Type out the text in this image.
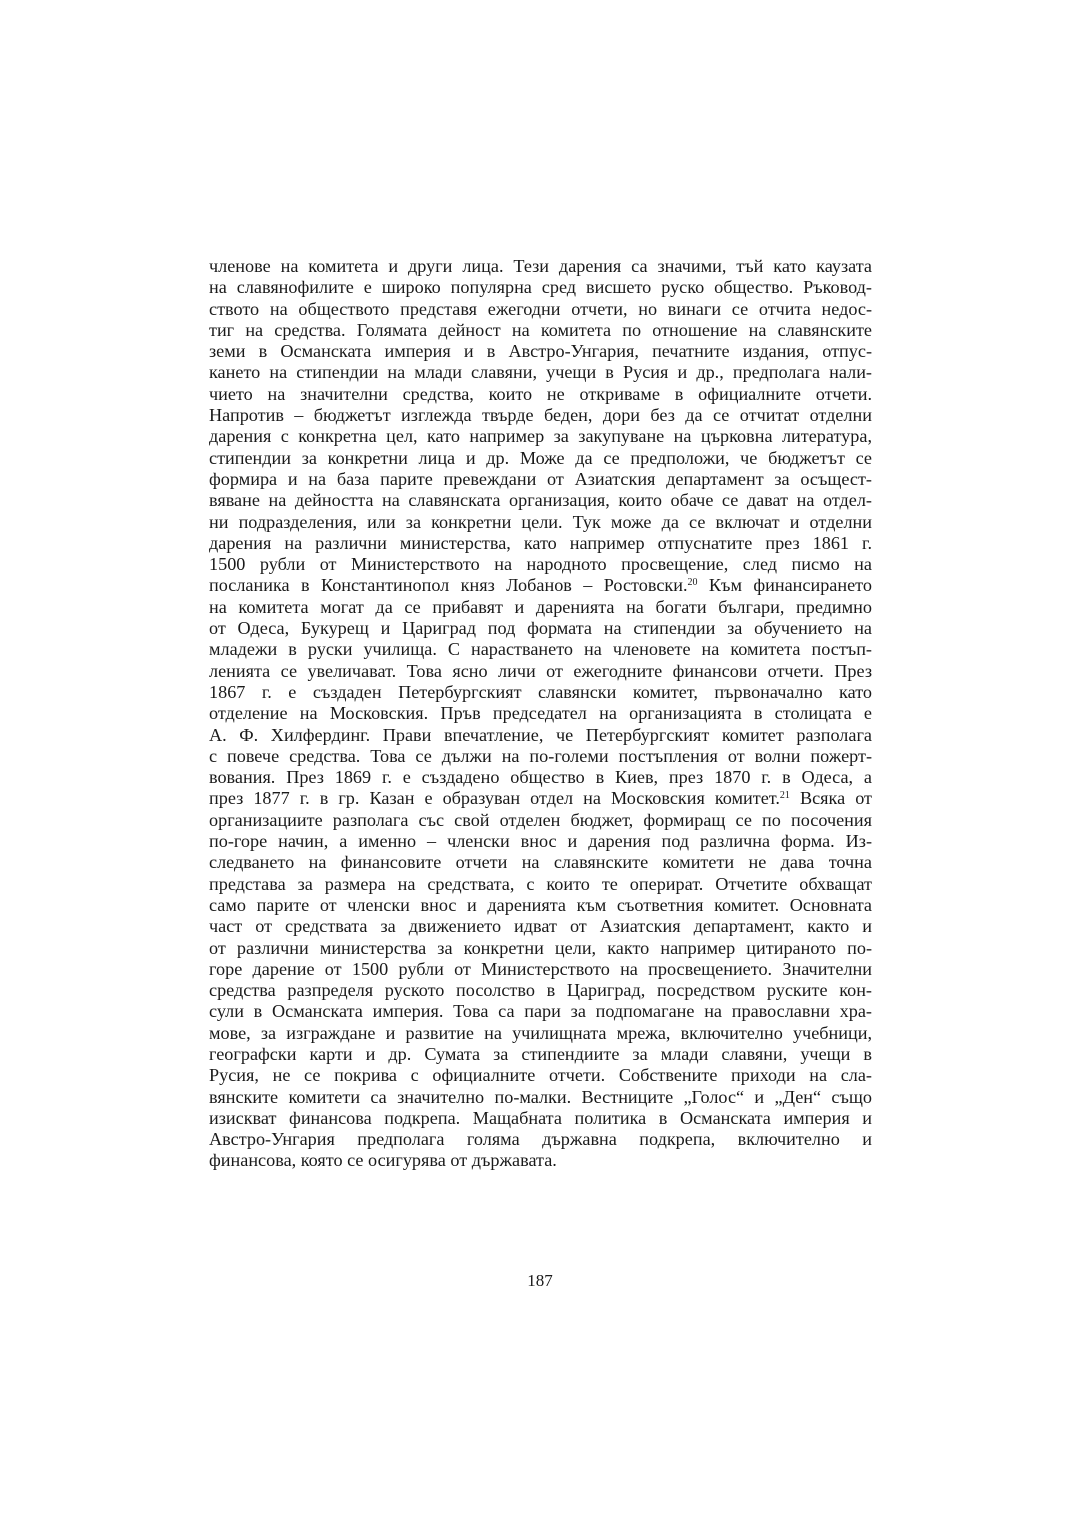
членове на комитета и други лица. Тези дарения са значими, тъй като каузата
на славянофилите е широко популярна сред висшето руско общество. Ръковод-
ството на обществото представя ежегодни отчети, но винаги се отчита недос-
тиг на средства. Голямата дейност на комитета по отношение на славянските
земи в Османската империя и в Австро-Унгария, печатните издания, отпус-
кането на стипендии на млади славяни, учещи в Русия и др., предполага нали-
чието на значителни средства, които не откриваме в официалните отчети.
Напротив – бюджетът изглежда твърде беден, дори без да се отчитат отделни
дарения с конкретна цел, като например за закупуване на църковна литература,
стипендии за конкретни лица и др. Може да се предположи, че бюджетът се
формира и на база парите превеждани от Азиатския департамент за осъщест-
вяване на дейността на славянската организация, които обаче се дават на отдел-
ни подразделения, или за конкретни цели. Тук може да се включат и отделни
дарения на различни министерства, като например отпуснатите през 1861 г.
1500 рубли от Министерството на народното просвещение, след писмо на
посланика в Константинопол княз Лобанов – Ростовски.$^{20}$ Към финансирането
на комитета могат да се прибавят и даренията на богати българи, предимно
от Одеса, Букурещ и Цариград под формата на стипендии за обучението на
младежи в руски училища. С нарастването на членовете на комитета постъп-
ленията се увеличават. Това ясно личи от ежегодните финансови отчети. През
1867 г. е създаден Петербургският славянски комитет, първоначално като
отделение на Московския. Пръв председател на организацията в столицата е
А. Ф. Хилфердинг. Прави впечатление, че Петербургският комитет разполага
с повече средства. Това се дължи на по-големи постъпления от волни пожерт-
вования. През 1869 г. е създадено общество в Киев, през 1870 г. в Одеса, а
през 1877 г. в гр. Казан е образуван отдел на Московския комитет.$^{21}$ Всяка от
организациите разполага със свой отделен бюджет, формиращ се по посочения
по-горе начин, а именно – членски внос и дарения под различна форма. Из-
следването на финансовите отчети на славянските комитети не дава точна
представа за размера на средствата, с които те оперират. Отчетите обхващат
само парите от членски внос и даренията към съответния комитет. Основната
част от средствата за движението идват от Азиатския департамент, както и
от различни министерства за конкретни цели, както например цитираното по-
горе дарение от 1500 рубли от Министерството на просвещението. Значителни
средства разпределя руското посолство в Цариград, посредством руските кон-
сули в Османската империя. Това са пари за подпомагане на православни хра-
мове, за изграждане и развитие на училищната мрежа, включително учебници,
географски карти и др. Сумата за стипендиите за млади славяни, учещи в
Русия, не се покрива с официалните отчети. Собствените приходи на сла-
вянските комитети са значително по-малки. Вестниците „Голос“ и „Ден“ също
изискват финансова подкрепа. Мащабната политика в Османската империя и
Австро-Унгария предполага голяма държавна подкрепа, включително и
финансова, която се осигурява от държавата.
187
